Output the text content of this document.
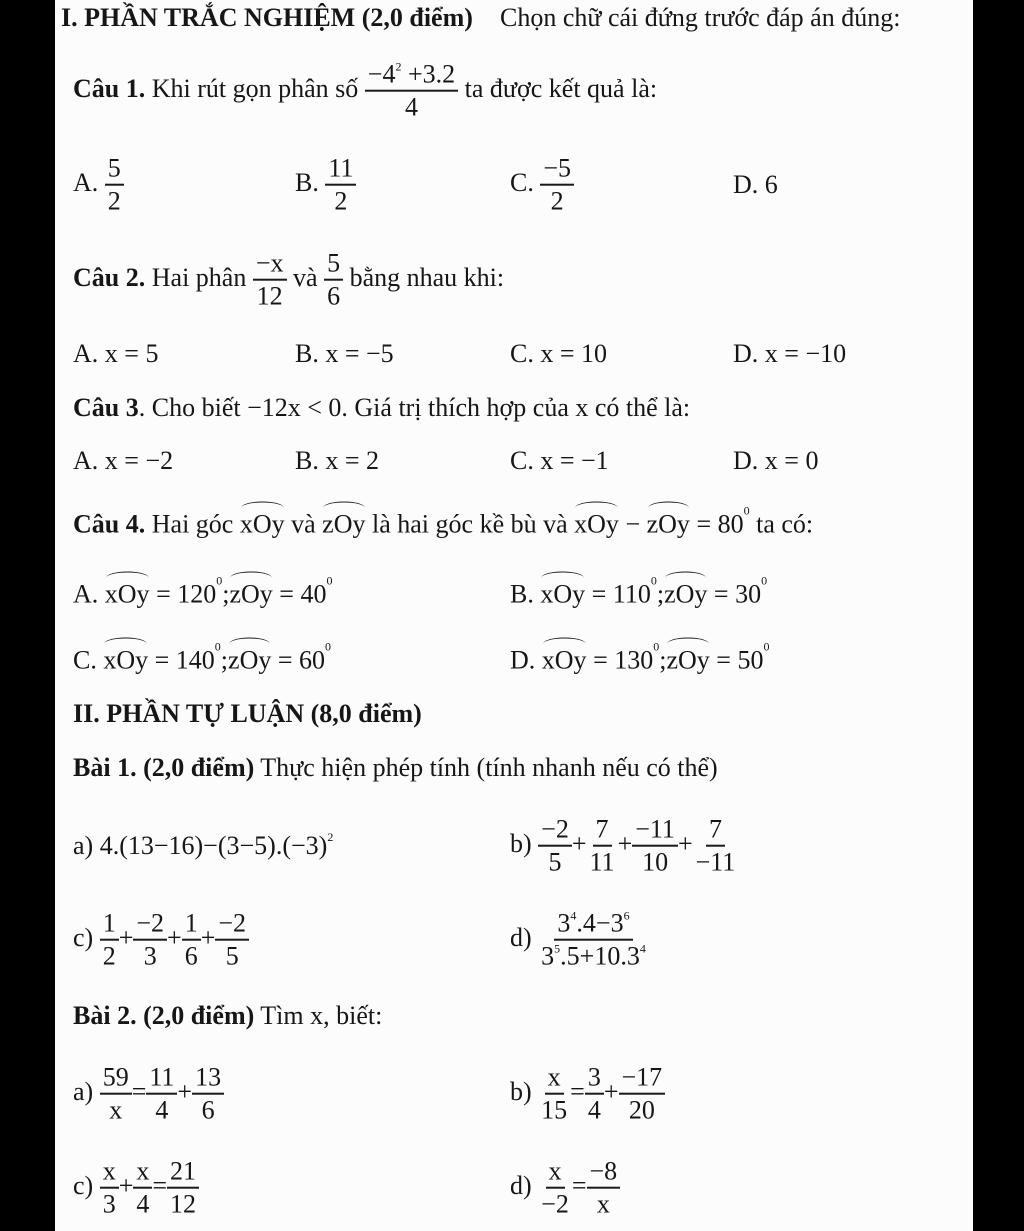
I. PHẦN TRẮC NGHIỆM (2,0 điểm) Chọn chữ cái đứng trước đáp án đúng:
Câu 1. Khi rút gọn phân số $\frac{-4^2 +3.2}{4}$ ta được kết quả là:
A. $\frac{5}{2}$	B. $\frac{11}{2}$	C. $\frac{-5}{2}$	D. 6
Câu 2. Hai phân $\frac{-x}{12}$ và $\frac{5}{6}$ bằng nhau khi:
A. x = 5	B. x = −5	C. x = 10	D. x = −10
Câu 3. Cho biết −12x < 0. Giá trị thích hợp của x có thể là:
A. x = −2	B. x = 2	C. x = −1	D. x = 0
Câu 4. Hai góc xOy và zOy là hai góc kề bù và xOy − zOy = $80^0$ ta có:
A. xOy = $120^0;zOy = 40^0$	B. xOy = $110^0;zOy = 30^0$
C. xOy = $140^0;zOy = 60^0$	D. xOy = $130^0;zOy = 50^0$
II. PHẦN TỰ LUẬN (8,0 điểm)
Bài 1. (2,0 điểm) Thực hiện phép tính (tính nhanh nếu có thể)
a) $4.(13-16)-(3-5).(-3)^2$	$b) \frac{-2}{5} + \frac{7}{11} + \frac{-11}{10} + \frac{7}{-11}$
$c) \frac{1}{2} + \frac{-2}{3} + \frac{1}{6} + \frac{-2}{5}$	$d) \frac{3^4.4-3^6}{3^5.5+10.3^4}$
Bài 2. (2,0 điểm) Tìm x, biết:
$a) \frac{59}{x} = \frac{11}{4} + \frac{13}{6}$	$b) \frac{x}{15} = \frac{3}{4} + \frac{-17}{20}$
$c) \frac{x}{3} + \frac{x}{4} = \frac{21}{12}$	$d) \frac{x}{-2} = \frac{-8}{x}$
